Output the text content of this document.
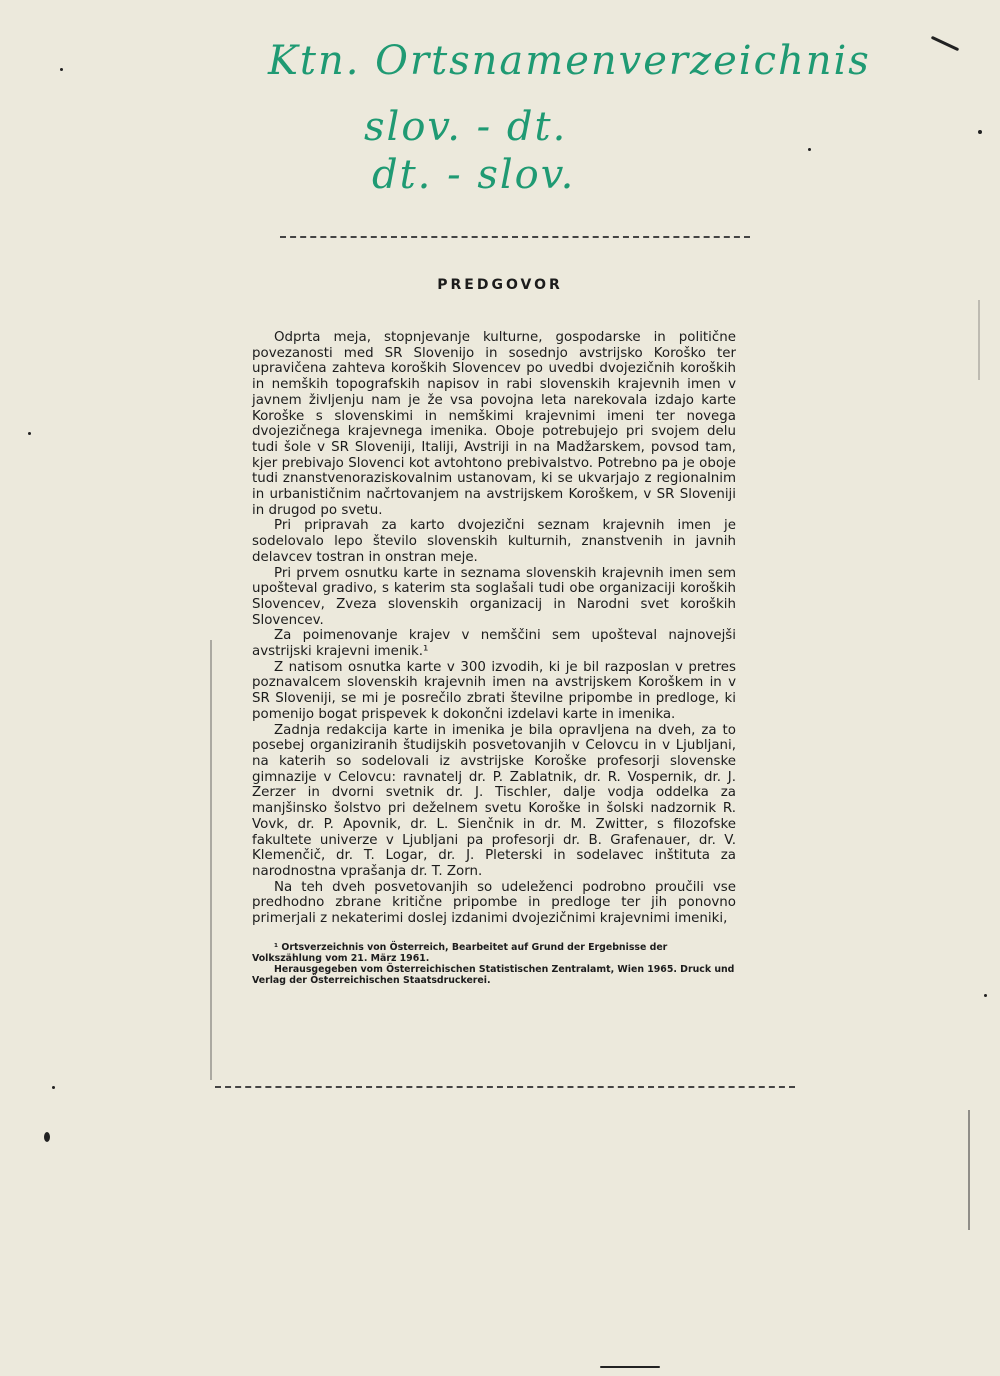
Ktn. Ortsnamenverzeichnis
slov. - dt.
dt. - slov.
PREDGOVOR

Odprta meja, stopnjevanje kulturne, gospodarske in politične povezanosti med SR Slovenijo in sosednjo avstrijsko Koroško ter upravičena zahteva koroških Slovencev po uvedbi dvojezičnih koroških in nemških topografskih napisov in rabi slovenskih krajevnih imen v javnem življenju nam je že vsa povojna leta narekovala izdajo karte Koroške s slovenskimi in nemškimi krajevnimi imeni ter novega dvojezičnega krajevnega imenika. Oboje potrebujejo pri svojem delu tudi šole v SR Sloveniji, Italiji, Avstriji in na Madžarskem, povsod tam, kjer prebivajo Slovenci kot avtohtono prebivalstvo. Potrebno pa je oboje tudi znanstvenoraziskovalnim ustanovam, ki se ukvarjajo z regionalnim in urbanističnim načrtovanjem na avstrijskem Koroškem, v SR Sloveniji in drugod po svetu.

Pri pripravah za karto dvojezični seznam krajevnih imen je sodelovalo lepo število slovenskih kulturnih, znanstvenih in javnih delavcev tostran in onstran meje.

Pri prvem osnutku karte in seznama slovenskih krajevnih imen sem upošteval gradivo, s katerim sta soglašali tudi obe organizaciji koroških Slovencev, Zveza slovenskih organizacij in Narodni svet koroških Slovencev.

Za poimenovanje krajev v nemščini sem upošteval najnovejši avstrijski krajevni imenik.¹

Z natisom osnutka karte v 300 izvodih, ki je bil razposlan v pretres poznavalcem slovenskih krajevnih imen na avstrijskem Koroškem in v SR Sloveniji, se mi je posrečilo zbrati številne pripombe in predloge, ki pomenijo bogat prispevek k dokončni izdelavi karte in imenika.

Zadnja redakcija karte in imenika je bila opravljena na dveh, za to posebej organiziranih študijskih posvetovanjih v Celovcu in v Ljubljani, na katerih so sodelovali iz avstrijske Koroške profesorji slovenske gimnazije v Celovcu: ravnatelj dr. P. Zablatnik, dr. R. Vospernik, dr. J. Zerzer in dvorni svetnik dr. J. Tischler, dalje vodja oddelka za manjšinsko šolstvo pri deželnem svetu Koroške in šolski nadzornik R. Vovk, dr. P. Apovnik, dr. L. Sienčnik in dr. M. Zwitter, s filozofske fakultete univerze v Ljubljani pa profesorji dr. B. Grafenauer, dr. V. Klemenčič, dr. T. Logar, dr. J. Pleterski in sodelavec inštituta za narodnostna vprašanja dr. T. Zorn.

Na teh dveh posvetovanjih so udeleženci podrobno proučili vse predhodno zbrane kritične pripombe in predloge ter jih ponovno primerjali z nekaterimi doslej izdanimi dvojezičnimi krajevnimi imeniki,

¹ Ortsverzeichnis von Österreich, Bearbeitet auf Grund der Ergebnisse der Volkszählung vom 21. März 1961.

Herausgegeben vom Österreichischen Statistischen Zentralamt, Wien 1965. Druck und Verlag der Österreichischen Staatsdruckerei.
